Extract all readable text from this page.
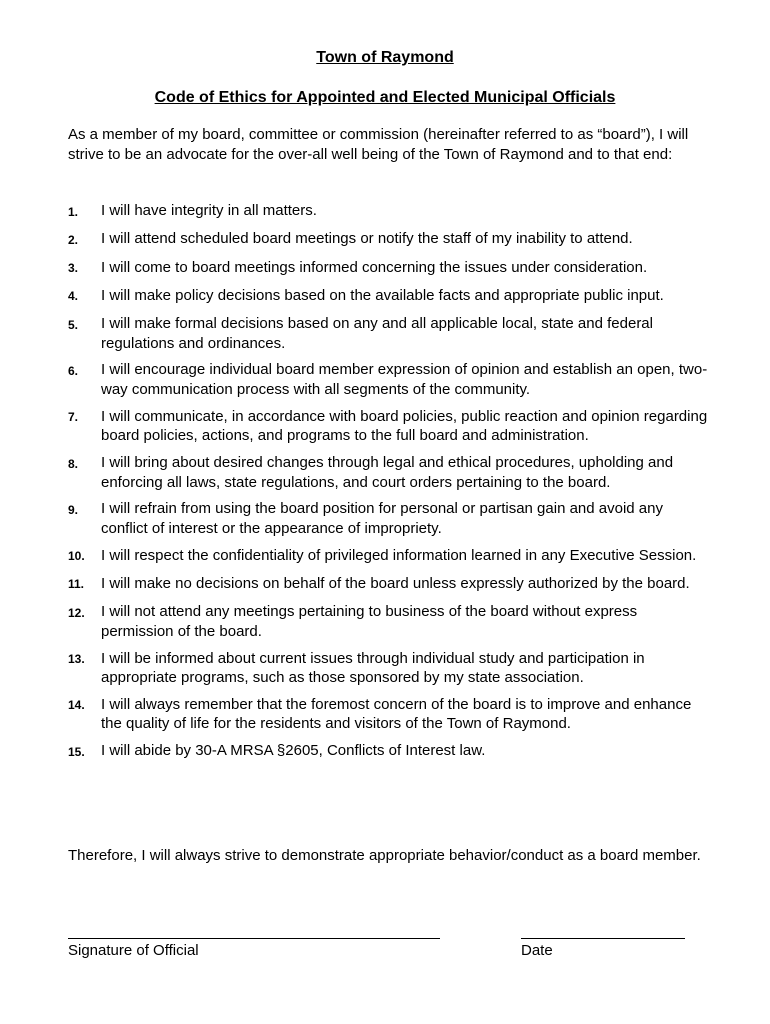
Town of Raymond
Code of Ethics for Appointed and Elected Municipal Officials
As a member of my board, committee or commission (hereinafter referred to as “board”), I will strive to be an advocate for the over-all well being of the Town of Raymond and to that end:
1.	I will have integrity in all matters.
2.	I will attend scheduled board meetings or notify the staff of my inability to attend.
3.	I will come to board meetings informed concerning the issues under consideration.
4.	I will make policy decisions based on the available facts and appropriate public input.
5.	I will make formal decisions based on any and all applicable local, state and federal regulations and ordinances.
6.	I will encourage individual board member expression of opinion and establish an open, two-way communication process with all segments of the community.
7.	I will communicate, in accordance with board policies, public reaction and opinion regarding board policies, actions, and programs to the full board and administration.
8.	I will bring about desired changes through legal and ethical procedures, upholding and enforcing all laws, state regulations, and court orders pertaining to the board.
9.	I will refrain from using the board position for personal or partisan gain and avoid any conflict of interest or the appearance of impropriety.
10.	I will respect the confidentiality of privileged information learned in any Executive Session.
11.	I will make no decisions on behalf of the board unless expressly authorized by the board.
12.	I will not attend any meetings pertaining to business of the board without express permission of the board.
13.	I will be informed about current issues through individual study and participation in appropriate programs, such as those sponsored by my state association.
14.	I will always remember that the foremost concern of the board is to improve and enhance the quality of life for the residents and visitors of the Town of Raymond.
15.	I will abide by 30-A MRSA §2605, Conflicts of Interest law.
Therefore, I will always strive to demonstrate appropriate behavior/conduct as a board member.
Signature of Official	Date
